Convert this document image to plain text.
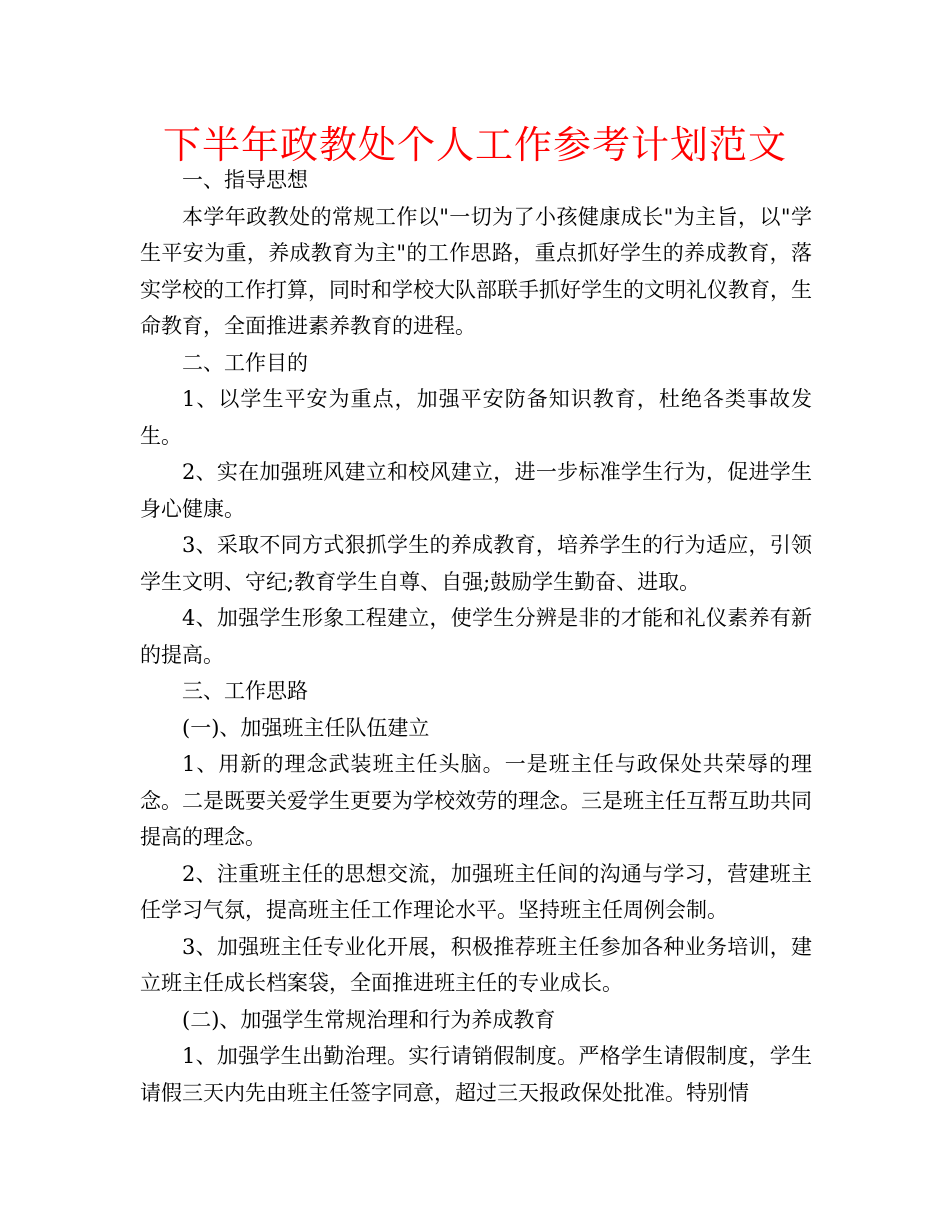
下半年政教处个人工作参考计划范文

一、指导思想

本学年政教处的常规工作以"一切为了小孩健康成长"为主旨，以"学生平安为重，养成教育为主"的工作思路，重点抓好学生的养成教育，落实学校的工作打算，同时和学校大队部联手抓好学生的文明礼仪教育，生命教育，全面推进素养教育的进程。

二、工作目的

1、以学生平安为重点，加强平安防备知识教育，杜绝各类事故发生。

2、实在加强班风建立和校风建立，进一步标准学生行为，促进学生身心健康。

3、采取不同方式狠抓学生的养成教育，培养学生的行为适应，引领学生文明、守纪;教育学生自尊、自强;鼓励学生勤奋、进取。

4、加强学生形象工程建立，使学生分辨是非的才能和礼仪素养有新的提高。

三、工作思路

(一)、加强班主任队伍建立

1、用新的理念武装班主任头脑。一是班主任与政保处共荣辱的理念。二是既要关爱学生更要为学校效劳的理念。三是班主任互帮互助共同提高的理念。

2、注重班主任的思想交流，加强班主任间的沟通与学习，营建班主任学习气氛，提高班主任工作理论水平。坚持班主任周例会制。

3、加强班主任专业化开展，积极推荐班主任参加各种业务培训，建立班主任成长档案袋，全面推进班主任的专业成长。

(二)、加强学生常规治理和行为养成教育

1、加强学生出勤治理。实行请销假制度。严格学生请假制度，学生请假三天内先由班主任签字同意，超过三天报政保处批准。特别情
